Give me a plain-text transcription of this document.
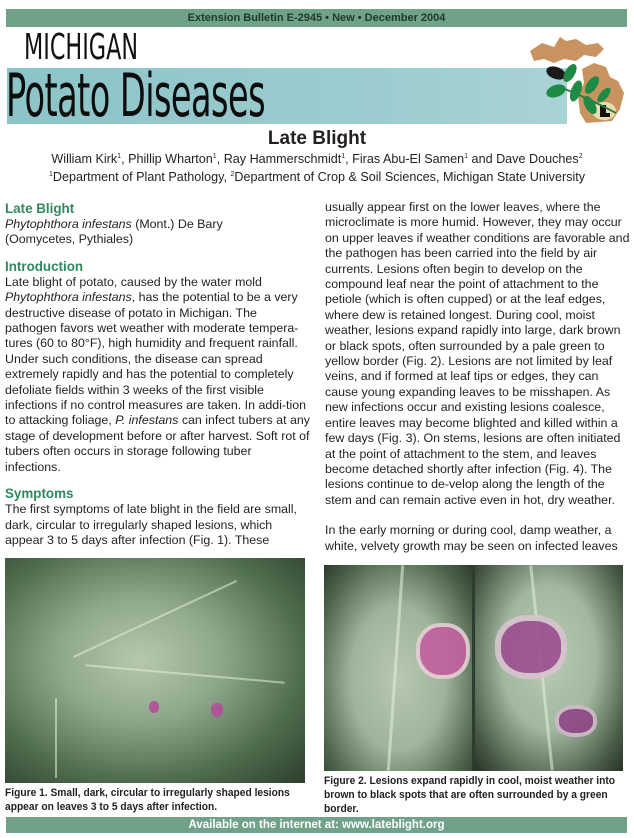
Extension Bulletin E-2945 • New • December 2004
MICHIGAN
Potato Diseases
Late Blight
William Kirk$^1$, Phillip Wharton$^1$, Ray Hammerschmidt$^1$, Firas Abu-El Samen$^1$ and Dave Douches$^2$
$^1$Department of Plant Pathology, $^2$Department of Crop & Soil Sciences, Michigan State University
Late Blight

Phytophthora infestans (Mont.) De Bary

(Oomycetes, Pythiales)

Introduction

Late blight of potato, caused by the water mold Phytophthora infestans, has the potential to be a very destructive disease of potato in Michigan. The pathogen favors wet weather with moderate tempera-tures (60 to 80°F), high humidity and frequent rainfall. Under such conditions, the disease can spread extremely rapidly and has the potential to completely defoliate fields within 3 weeks of the first visible infections if no control measures are taken. In addi-tion to attacking foliage, P. infestans can infect tubers at any stage of development before or after harvest. Soft rot of tubers often occurs in storage following tuber infections.

Symptoms

The first symptoms of late blight in the field are small, dark, circular to irregularly shaped lesions, which appear 3 to 5 days after infection (Fig. 1). These

usually appear first on the lower leaves, where the microclimate is more humid. However, they may occur on upper leaves if weather conditions are favorable and the pathogen has been carried into the field by air currents. Lesions often begin to develop on the compound leaf near the point of attachment to the petiole (which is often cupped) or at the leaf edges, where dew is retained longest. During cool, moist weather, lesions expand rapidly into large, dark brown or black spots, often surrounded by a pale green to yellow border (Fig. 2). Lesions are not limited by leaf veins, and if formed at leaf tips or edges, they can cause young expanding leaves to be misshapen. As new infections occur and existing lesions coalesce, entire leaves may become blighted and killed within a few days (Fig. 3). On stems, lesions are often initiated at the point of attachment to the stem, and leaves become detached shortly after infection (Fig. 4). The lesions continue to de-velop along the length of the stem and can remain active even in hot, dry weather.

In the early morning or during cool, damp weather, a white, velvety growth may be seen on infected leaves

Figure 1. Small, dark, circular to irregularly shaped lesions appear on leaves 3 to 5 days after infection.
Figure 2. Lesions expand rapidly in cool, moist weather into brown to black spots that are often surrounded by a green border.
Available on the internet at: www.lateblight.org
